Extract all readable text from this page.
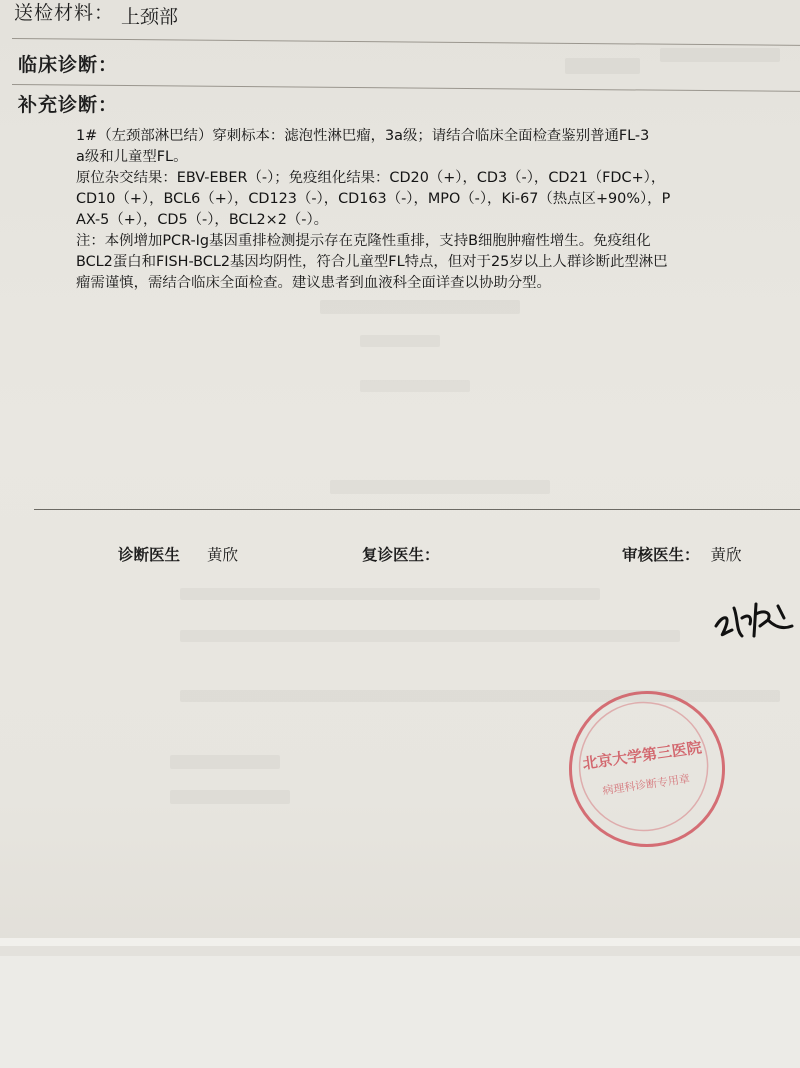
送检材料： 上颈部
临床诊断：
补充诊断：
1#（左颈部淋巴结）穿刺标本：滤泡性淋巴瘤，3a级；请结合临床全面检查鉴别普通FL-3
a级和儿童型FL。
原位杂交结果：EBV-EBER（-）；免疫组化结果：CD20（+），CD3（-），CD21（FDC+），
CD10（+），BCL6（+），CD123（-），CD163（-），MPO（-），Ki-67（热点区+90%），P
AX-5（+），CD5（-），BCL2×2（-）。
注：本例增加PCR-Ig基因重排检测提示存在克隆性重排，支持B细胞肿瘤性增生。免疫组化
BCL2蛋白和FISH-BCL2基因均阴性，符合儿童型FL特点，但对于25岁以上人群诊断此型淋巴
瘤需谨慎，需结合临床全面检查。建议患者到血液科全面详查以协助分型。
诊断医生 黄欣	复诊医生：	审核医生： 黄欣
北京大学第三医院
病理科诊断专用章
